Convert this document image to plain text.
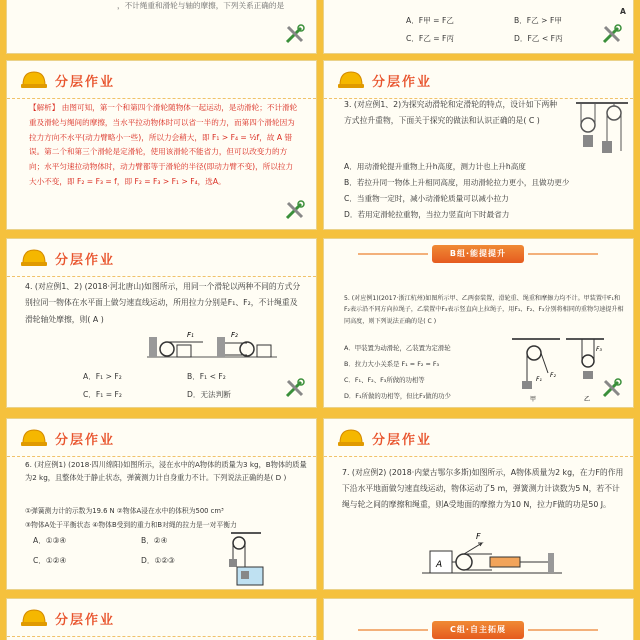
，不计绳重和滑轮与轴的摩擦，下列关系正确的是
A．F甲 = F乙	B．F乙 > F甲
C．F乙 = F丙	D．F乙 < F丙
A
分层作业
【解析】 由图可知，第一个和第四个滑轮随物体一起运动，是动滑轮；不计滑轮重及滑轮与绳间的摩擦，当水平拉动物体时可以省一半的力，而第四个滑轮因为拉力方向不水平(动力臂略小一些)，所以力会稍大，即 F₁ > F₄ = ½f，故 A 错误。第二个和第三个滑轮是定滑轮，使用该滑轮不能省力，但可以改变力的方向；水平匀速拉动物体时，动力臂都等于滑轮的半径(即动力臂不变)，所以拉力大小不变，即 F₂ = F₃ = f，即 F₂ = F₃ > F₁ > F₄，选A。
分层作业
3. (对应例1、2)为探究动滑轮和定滑轮的特点，设计如下两种方式拉升重物，下面关于探究的做法和认识正确的是( C )
A．用动滑轮提升重物上升h高度，测力计也上升h高度
B．若拉升同一物体上升相同高度，用动滑轮拉力更小，且做功更少
C．当重物一定时，减小动滑轮质量可以减小拉力
D．若用定滑轮拉重物，当拉力竖直向下时最省力
分层作业
4. (对应例1、2) (2018·河北唐山)如图所示，用同一个滑轮以两种不同的方式分别拉同一物体在水平面上做匀速直线运动，所用拉力分别是F₁、F₂，不计绳重及滑轮轴处摩擦，则( A )
F₁	F₂
A．F₁ > F₂	B．F₁ < F₂
C．F₁ = F₂	D．无法判断
B组·能提提升
5. (对应例1)(2017·浙江杭州)如图所示甲、乙两套装置，滑轮重、绳重和摩擦力均不计。甲装置中F₁和F₂表示沿不同方向拉绳子，乙装置中F₃表示竖直向上拉绳子，用F₁、F₂、F₃分别将相同的重物匀速提升相同高度，则下列说法正确的是( C )
A．甲装置为动滑轮，乙装置为定滑轮
B．拉力大小关系是 F₁ = F₂ = F₃
C．F₁、F₂、F₃所做的功相等
D．F₁所做的功相等，但比F₃做的功少
F₁
F₂
甲
F₃
乙
分层作业
6. (对应例1) (2018·四川绵阳)如图所示，浸在水中的A物体的质量为3 kg，B物体的质量为2 kg，且整体处于静止状态，弹簧测力计自身重力不计。下列说法正确的是( D )
①弹簧测力计的示数为19.6 N ②物体A浸在水中的体积为500 cm³
③物体A处于平衡状态 ④物体B受到的重力和B对绳的拉力是一对平衡力
A．①③④	B．②④
C．①②④	D．①②③
分层作业
7. (对应例2) (2018·内蒙古鄂尔多斯)如图所示，A物体质量为2 kg，在力F的作用下沿水平地面做匀速直线运动，物体运动了5 m，弹簧测力计读数为5 N，若不计绳与轮之间的摩擦和绳重，则A受地面的摩擦力为10 N，拉力F做的功是50 J。
A
F
分层作业
C组·自主拓展
